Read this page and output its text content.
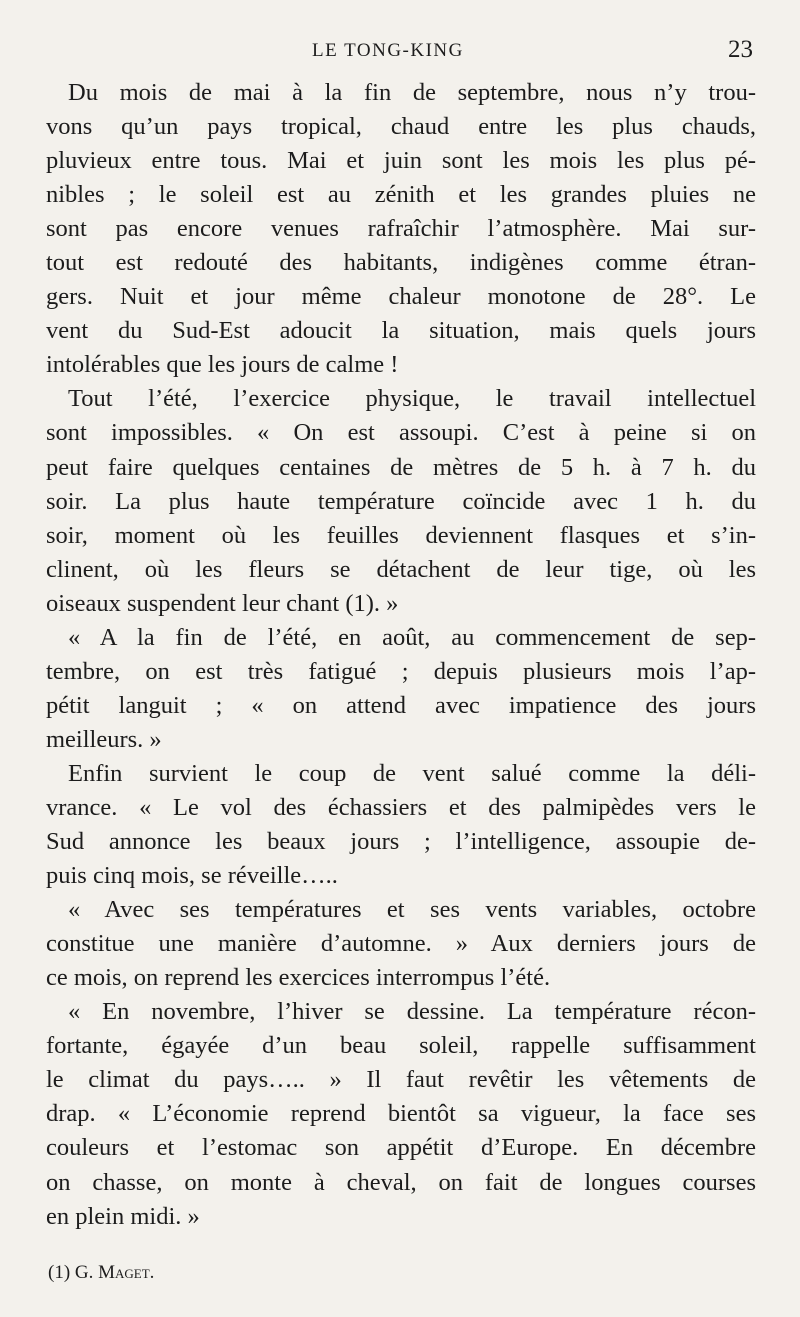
LE TONG-KING	23
Du mois de mai à la fin de septembre, nous n’y trou-
vons qu’un pays tropical, chaud entre les plus chauds,
pluvieux entre tous. Mai et juin sont les mois les plus pé-
nibles ; le soleil est au zénith et les grandes pluies ne
sont pas encore venues rafraîchir l’atmosphère. Mai sur-
tout est redouté des habitants, indigènes comme étran-
gers. Nuit et jour même chaleur monotone de 28°. Le
vent du Sud-Est adoucit la situation, mais quels jours
intolérables que les jours de calme !
Tout l’été, l’exercice physique, le travail intellectuel
sont impossibles. « On est assoupi. C’est à peine si on
peut faire quelques centaines de mètres de 5 h. à 7 h. du
soir. La plus haute température coïncide avec 1 h. du
soir, moment où les feuilles deviennent flasques et s’in-
clinent, où les fleurs se détachent de leur tige, où les
oiseaux suspendent leur chant (1). »
« A la fin de l’été, en août, au commencement de sep-
tembre, on est très fatigué ; depuis plusieurs mois l’ap-
pétit languit ; « on attend avec impatience des jours
meilleurs. »
Enfin survient le coup de vent salué comme la déli-
vrance. « Le vol des échassiers et des palmipèdes vers le
Sud annonce les beaux jours ; l’intelligence, assoupie de-
puis cinq mois, se réveille…..
« Avec ses températures et ses vents variables, octobre
constitue une manière d’automne. » Aux derniers jours de
ce mois, on reprend les exercices interrompus l’été.
« En novembre, l’hiver se dessine. La température récon-
fortante, égayée d’un beau soleil, rappelle suffisamment
le climat du pays….. » Il faut revêtir les vêtements de
drap. « L’économie reprend bientôt sa vigueur, la face ses
couleurs et l’estomac son appétit d’Europe. En décembre
on chasse, on monte à cheval, on fait de longues courses
en plein midi. »
(1) G. Maget.
